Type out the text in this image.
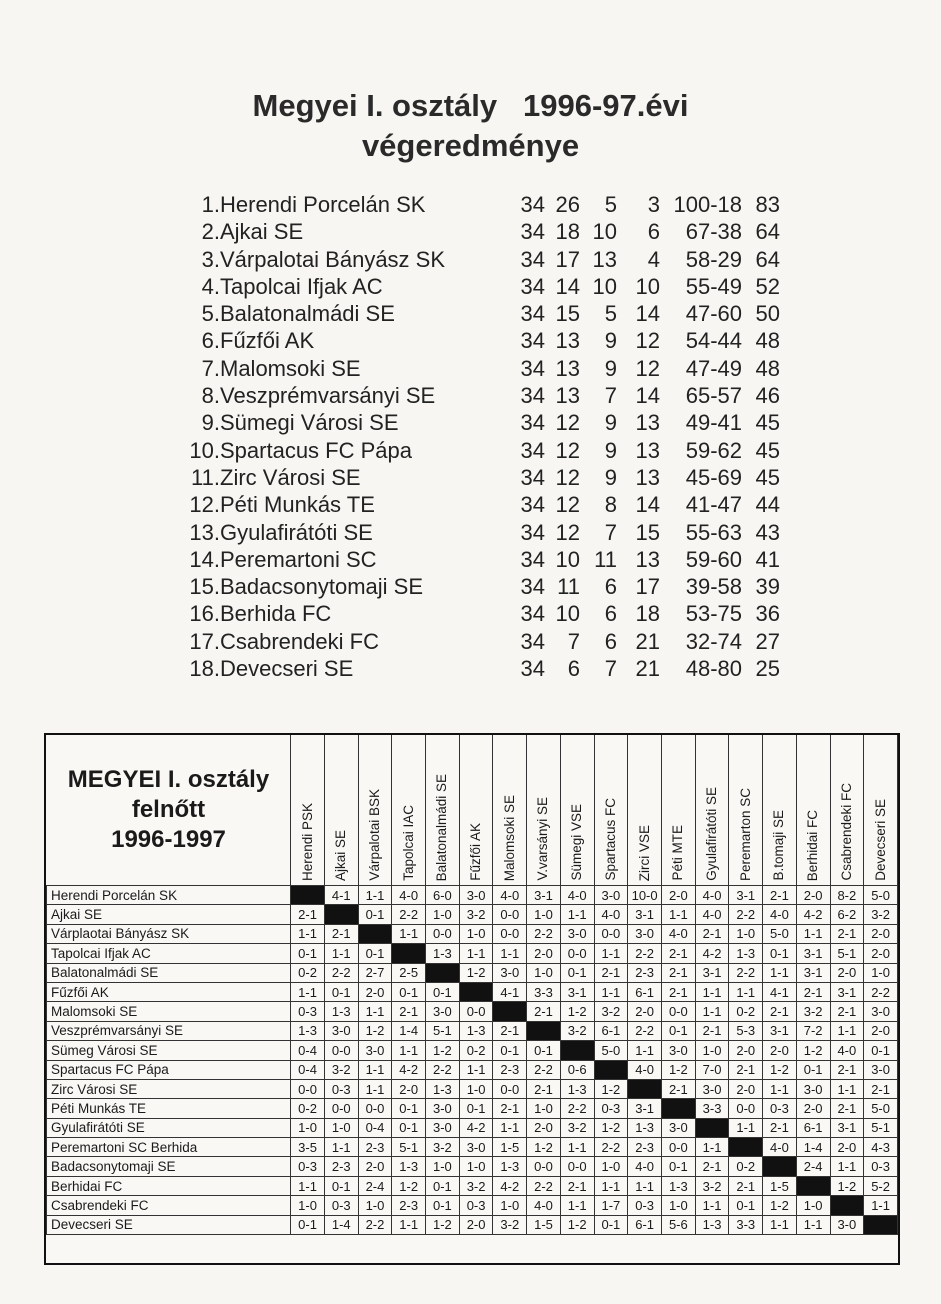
Megyei I. osztály   1996-97.évi
végeredménye
1. Herendi Porcelán SK	34 26	5	3 100-18 83
2. Ajkai SE	34 18 10	6	67-38 64
3. Várpalotai Bányász SK	34 17 13	4	58-29 64
4. Tapolcai Ifjak AC	34 14 10 10	55-49 52
5. Balatonalmádi SE	34 15	5 14	47-60 50
6. Fűzfői AK	34 13	9 12	54-44 48
7. Malomsoki SE	34 13	9 12	47-49 48
8. Veszprémvarsányi SE	34 13	7 14	65-57 46
9. Sümegi Városi SE	34 12	9 13	49-41 45
10. Spartacus FC Pápa	34 12	9 13	59-62 45
11. Zirc Városi SE	34 12	9 13	45-69 45
12. Péti Munkás TE	34 12	8 14	41-47 44
13. Gyulafirátóti SE	34 12	7 15	55-63 43
14. Peremartoni SC	34 10 11 13	59-60 41
15. Badacsonytomaji SE	34 11	6 17	39-58 39
16. Berhida FC	34 10	6 18	53-75 36
17. Csabrendeki FC	34	7	6 21	32-74 27
18. Devecseri SE	34	6	7 21	48-80 25
MEGYEI I. osztály
felnőtt
1996-1997

	Herendi PSK	Ajkai SE	Várpalotai BSK	Tapolcai IAC	Balatonalmádi SE	Fűzfői AK	Malomsoki SE	V.varsányi SE	Sümegi VSE	Spartacus FC	Zirci VSE	Péti MTE	Gyulafirátóti SE	Peremarton SC	B.tomaji SE	Berhidai FC	Csabrendeki FC	Devecseri SE

Herendi Porcelán SK		4-1	1-1	4-0	6-0	3-0	4-0	3-1	4-0	3-0	10-0	2-0	4-0	3-1	2-1	2-0	8-2	5-0
Ajkai SE	2-1		0-1	2-2	1-0	3-2	0-0	1-0	1-1	4-0	3-1	1-1	4-0	2-2	4-0	4-2	6-2	3-2
Várplaotai Bányász SK	1-1	2-1		1-1	0-0	1-0	0-0	2-2	3-0	0-0	3-0	4-0	2-1	1-0	5-0	1-1	2-1	2-0
Tapolcai Ifjak AC	0-1	1-1	0-1		1-3	1-1	1-1	2-0	0-0	1-1	2-2	2-1	4-2	1-3	0-1	3-1	5-1	2-0
Balatonalmádi SE	0-2	2-2	2-7	2-5		1-2	3-0	1-0	0-1	2-1	2-3	2-1	3-1	2-2	1-1	3-1	2-0	1-0
Fűzfői AK	1-1	0-1	2-0	0-1	0-1		4-1	3-3	3-1	1-1	6-1	2-1	1-1	1-1	4-1	2-1	3-1	2-2
Malomsoki SE	0-3	1-3	1-1	2-1	3-0	0-0		2-1	1-2	3-2	2-0	0-0	1-1	0-2	2-1	3-2	2-1	3-0
Veszprémvarsányi SE	1-3	3-0	1-2	1-4	5-1	1-3	2-1		3-2	6-1	2-2	0-1	2-1	5-3	3-1	7-2	1-1	2-0
Sümeg Városi SE	0-4	0-0	3-0	1-1	1-2	0-2	0-1	0-1		5-0	1-1	3-0	1-0	2-0	2-0	1-2	4-0	0-1
Spartacus FC Pápa	0-4	3-2	1-1	4-2	2-2	1-1	2-3	2-2	0-6		4-0	1-2	7-0	2-1	1-2	0-1	2-1	3-0
Zirc Városi SE	0-0	0-3	1-1	2-0	1-3	1-0	0-0	2-1	1-3	1-2		2-1	3-0	2-0	1-1	3-0	1-1	2-1
Péti Munkás TE	0-2	0-0	0-0	0-1	3-0	0-1	2-1	1-0	2-2	0-3	3-1		3-3	0-0	0-3	2-0	2-1	5-0
Gyulafirátóti SE	1-0	1-0	0-4	0-1	3-0	4-2	1-1	2-0	3-2	1-2	1-3	3-0		1-1	2-1	6-1	3-1	5-1
Peremartoni SC Berhida	3-5	1-1	2-3	5-1	3-2	3-0	1-5	1-2	1-1	2-2	2-3	0-0	1-1		4-0	1-4	2-0	4-3
Badacsonytomaji SE	0-3	2-3	2-0	1-3	1-0	1-0	1-3	0-0	0-0	1-0	4-0	0-1	2-1	0-2		2-4	1-1	0-3
Berhidai FC	1-1	0-1	2-4	1-2	0-1	3-2	4-2	2-2	2-1	1-1	1-1	1-3	3-2	2-1	1-5		1-2	5-2
Csabrendeki FC	1-0	0-3	1-0	2-3	0-1	0-3	1-0	4-0	1-1	1-7	0-3	1-0	1-1	0-1	1-2	1-0		1-1
Devecseri SE	0-1	1-4	2-2	1-1	1-2	2-0	3-2	1-5	1-2	0-1	6-1	5-6	1-3	3-3	1-1	1-1	3-0	
